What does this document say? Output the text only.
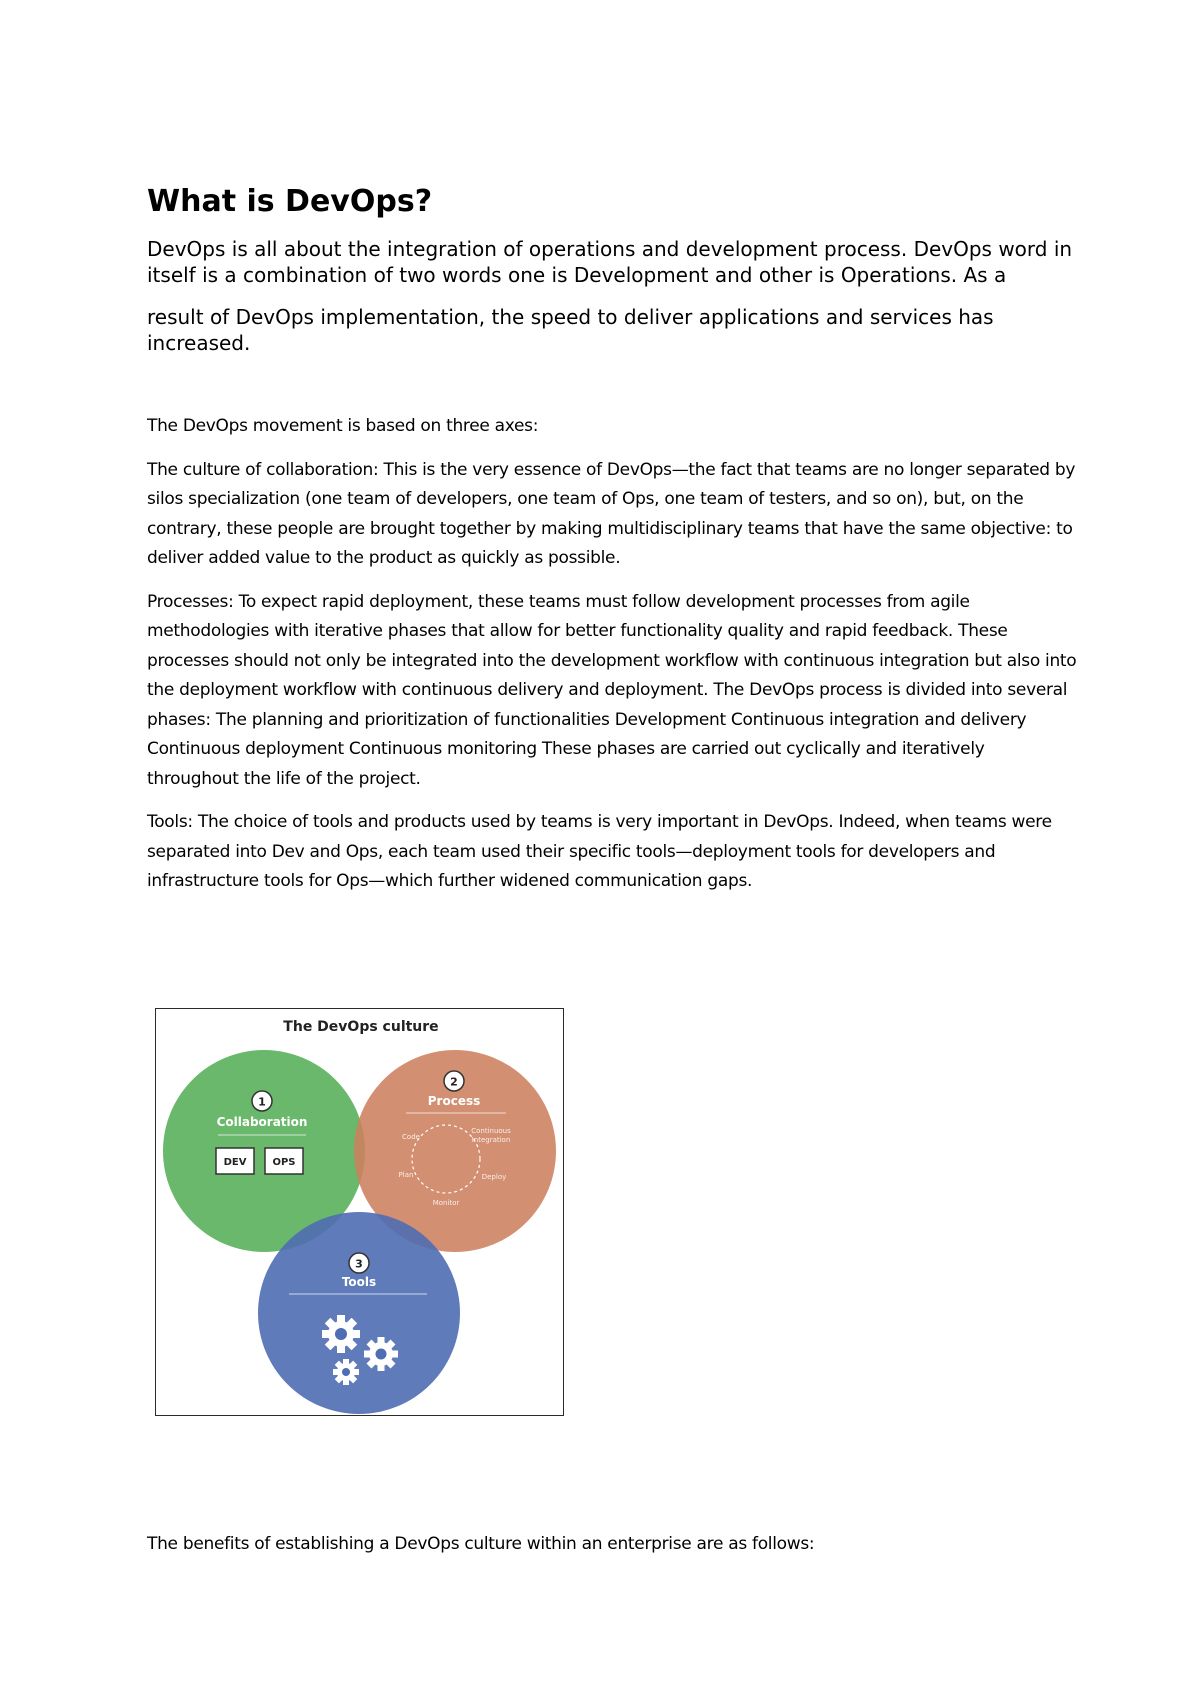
What is DevOps?

DevOps is all about the integration of operations and development process. DevOps word in itself is a combination of two words one is Development and other is Operations. As a

result of DevOps implementation, the speed to deliver applications and services has increased.

The DevOps movement is based on three axes:

The culture of collaboration: This is the very essence of DevOps—the fact that teams are no longer separated by silos specialization (one team of developers, one team of Ops, one team of testers, and so on), but, on the contrary, these people are brought together by making multidisciplinary teams that have the same objective: to deliver added value to the product as quickly as possible.

Processes: To expect rapid deployment, these teams must follow development processes from agile methodologies with iterative phases that allow for better functionality quality and rapid feedback. These processes should not only be integrated into the development workflow with continuous integration but also into the deployment workflow with continuous delivery and deployment. The DevOps process is divided into several phases: The planning and prioritization of functionalities Development Continuous integration and delivery Continuous deployment Continuous monitoring These phases are carried out cyclically and iteratively throughout the life of the project.

Tools: The choice of tools and products used by teams is very important in DevOps. Indeed, when teams were separated into Dev and Ops, each team used their specific tools—deployment tools for developers and infrastructure tools for Ops—which further widened communication gaps.

The DevOps culture
1
Collaboration
DEV	OPS
2
Process
Code
Continuous
Integration
Deploy
Monitor
Plan
3
Tools

The benefits of establishing a DevOps culture within an enterprise are as follows:
